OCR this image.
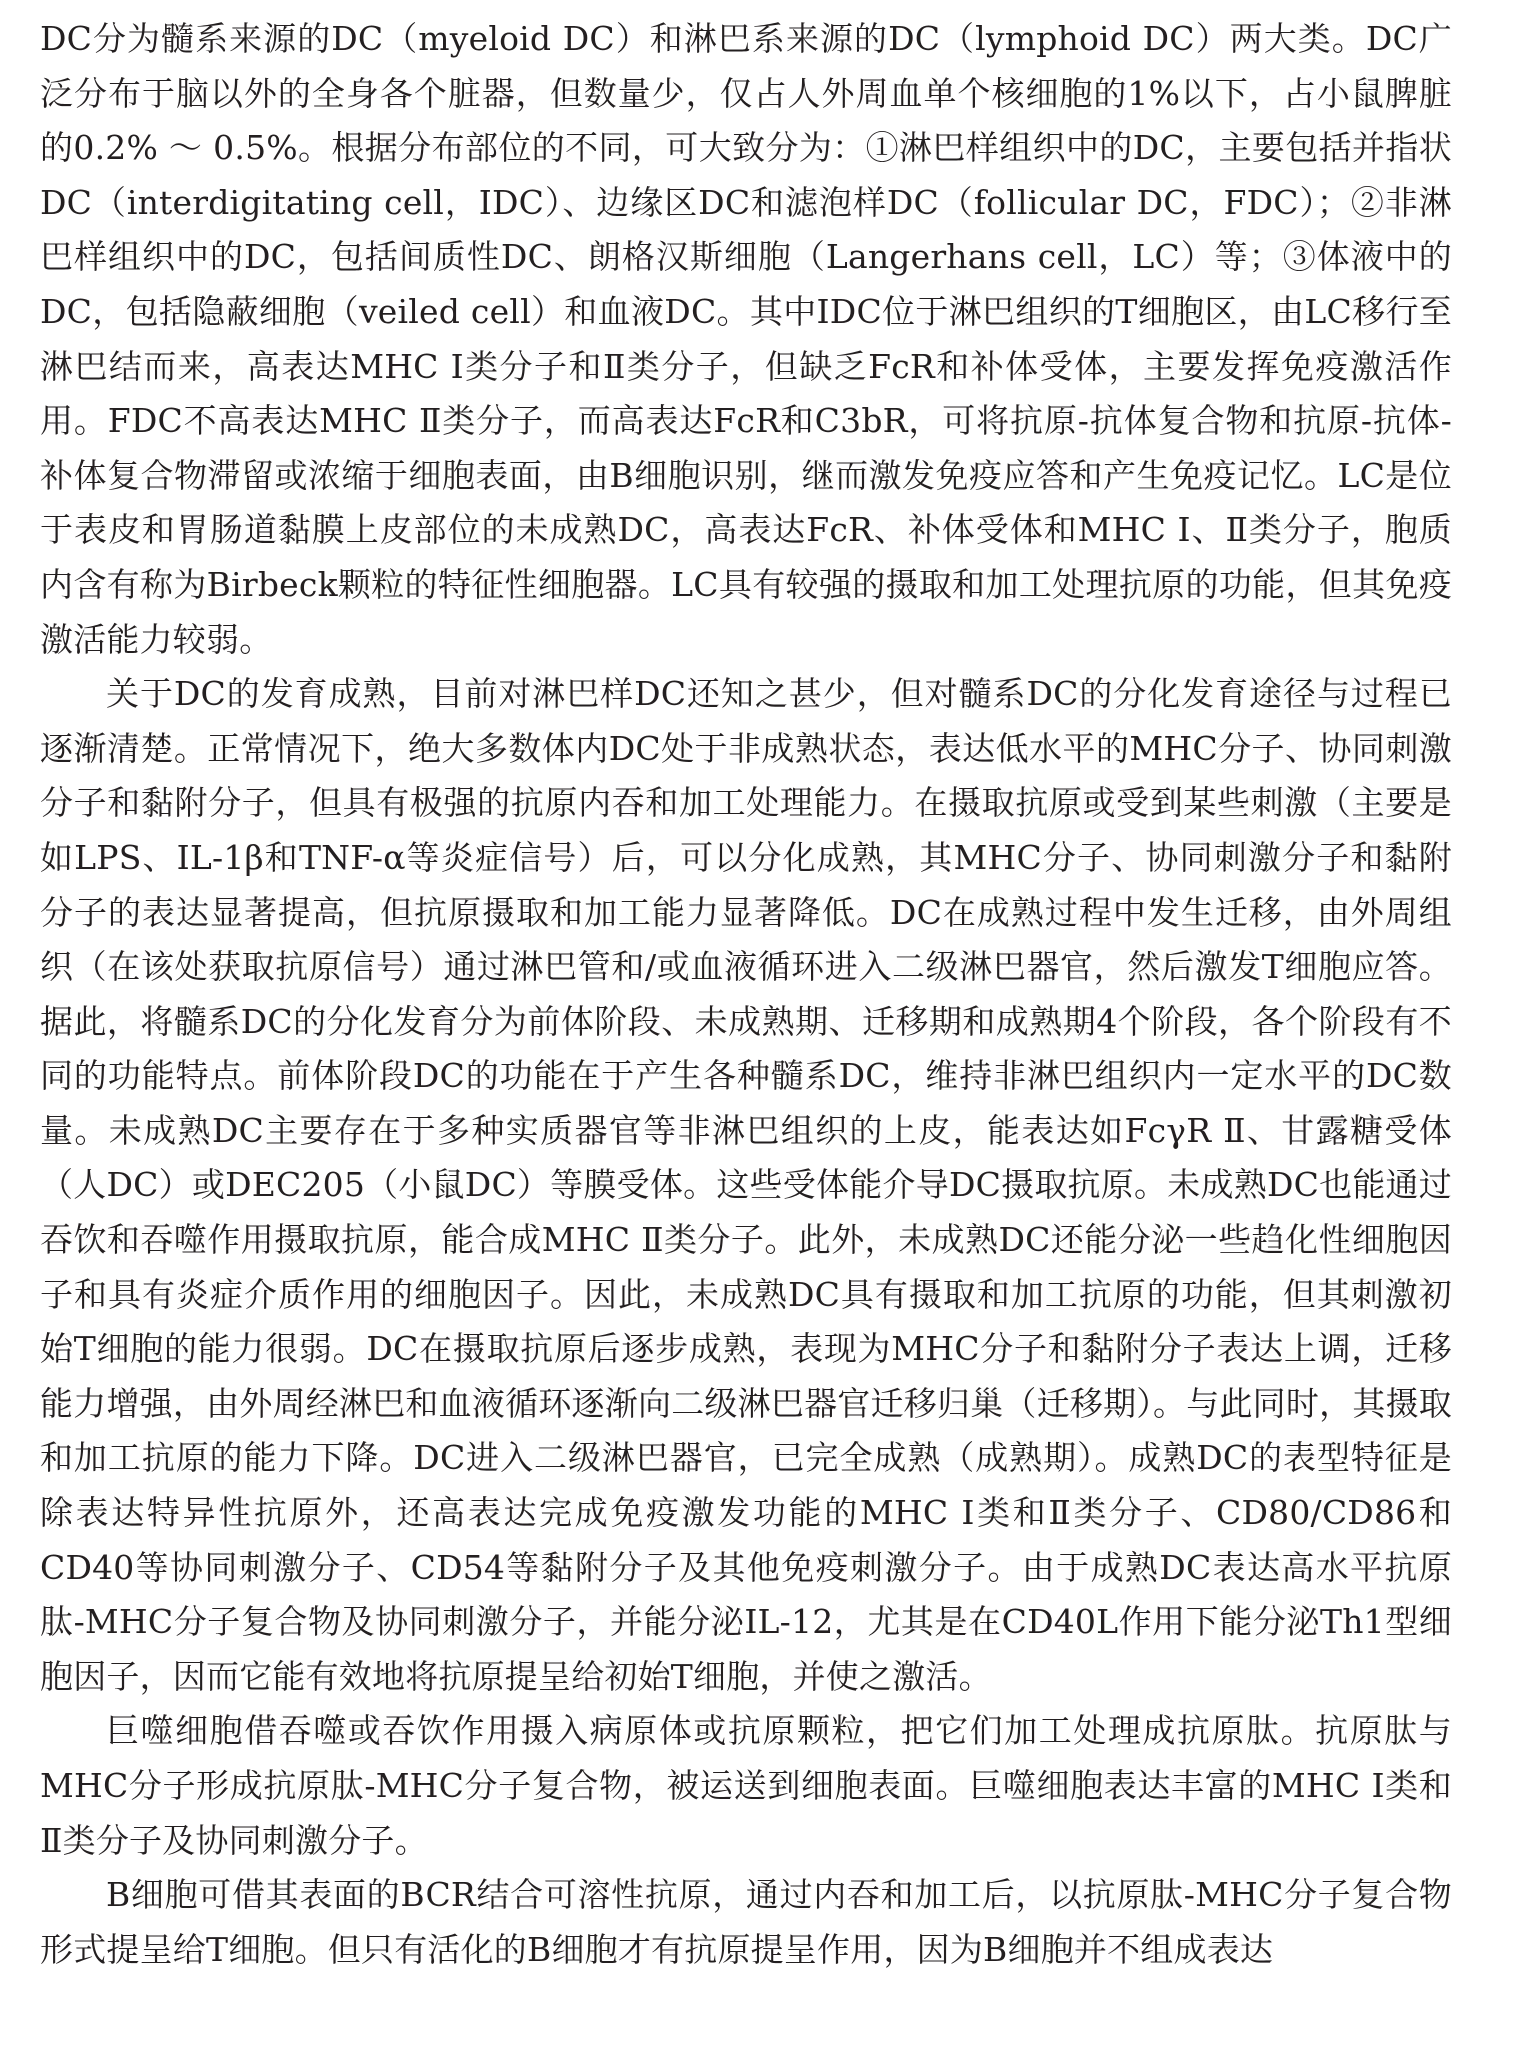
DC分为髓系来源的DC（myeloid DC）和淋巴系来源的DC（lymphoid DC）两大类。DC广泛分布于脑以外的全身各个脏器，但数量少，仅占人外周血单个核细胞的1%以下，占小鼠脾脏的0.2% ～ 0.5%。根据分布部位的不同，可大致分为：①淋巴样组织中的DC，主要包括并指状DC（interdigitating cell，IDC）、边缘区DC和滤泡样DC（follicular DC，FDC）；②非淋巴样组织中的DC，包括间质性DC、朗格汉斯细胞（Langerhans cell，LC）等；③体液中的DC，包括隐蔽细胞（veiled cell）和血液DC。其中IDC位于淋巴组织的T细胞区，由LC移行至淋巴结而来，高表达MHC Ⅰ类分子和Ⅱ类分子，但缺乏FcR和补体受体，主要发挥免疫激活作用。FDC不高表达MHC Ⅱ类分子，而高表达FcR和C3bR，可将抗原-抗体复合物和抗原-抗体-补体复合物滞留或浓缩于细胞表面，由B细胞识别，继而激发免疫应答和产生免疫记忆。LC是位于表皮和胃肠道黏膜上皮部位的未成熟DC，高表达FcR、补体受体和MHC Ⅰ、Ⅱ类分子，胞质内含有称为Birbeck颗粒的特征性细胞器。LC具有较强的摄取和加工处理抗原的功能，但其免疫激活能力较弱。

关于DC的发育成熟，目前对淋巴样DC还知之甚少，但对髓系DC的分化发育途径与过程已逐渐清楚。正常情况下，绝大多数体内DC处于非成熟状态，表达低水平的MHC分子、协同刺激分子和黏附分子，但具有极强的抗原内吞和加工处理能力。在摄取抗原或受到某些刺激（主要是如LPS、IL-1β和TNF-α等炎症信号）后，可以分化成熟，其MHC分子、协同刺激分子和黏附分子的表达显著提高，但抗原摄取和加工能力显著降低。DC在成熟过程中发生迁移，由外周组织（在该处获取抗原信号）通过淋巴管和/或血液循环进入二级淋巴器官，然后激发T细胞应答。据此，将髓系DC的分化发育分为前体阶段、未成熟期、迁移期和成熟期4个阶段，各个阶段有不同的功能特点。前体阶段DC的功能在于产生各种髓系DC，维持非淋巴组织内一定水平的DC数量。未成熟DC主要存在于多种实质器官等非淋巴组织的上皮，能表达如FcγR Ⅱ、甘露糖受体（人DC）或DEC205（小鼠DC）等膜受体。这些受体能介导DC摄取抗原。未成熟DC也能通过吞饮和吞噬作用摄取抗原，能合成MHC Ⅱ类分子。此外，未成熟DC还能分泌一些趋化性细胞因子和具有炎症介质作用的细胞因子。因此，未成熟DC具有摄取和加工抗原的功能，但其刺激初始T细胞的能力很弱。DC在摄取抗原后逐步成熟，表现为MHC分子和黏附分子表达上调，迁移能力增强，由外周经淋巴和血液循环逐渐向二级淋巴器官迁移归巢（迁移期）。与此同时，其摄取和加工抗原的能力下降。DC进入二级淋巴器官，已完全成熟（成熟期）。成熟DC的表型特征是除表达特异性抗原外，还高表达完成免疫激发功能的MHC Ⅰ类和Ⅱ类分子、CD80/CD86和CD40等协同刺激分子、CD54等黏附分子及其他免疫刺激分子。由于成熟DC表达高水平抗原肽-MHC分子复合物及协同刺激分子，并能分泌IL-12，尤其是在CD40L作用下能分泌Th1型细胞因子，因而它能有效地将抗原提呈给初始T细胞，并使之激活。

巨噬细胞借吞噬或吞饮作用摄入病原体或抗原颗粒，把它们加工处理成抗原肽。抗原肽与MHC分子形成抗原肽-MHC分子复合物，被运送到细胞表面。巨噬细胞表达丰富的MHC Ⅰ类和Ⅱ类分子及协同刺激分子。

B细胞可借其表面的BCR结合可溶性抗原，通过内吞和加工后，以抗原肽-MHC分子复合物形式提呈给T细胞。但只有活化的B细胞才有抗原提呈作用，因为B细胞并不组成表达
